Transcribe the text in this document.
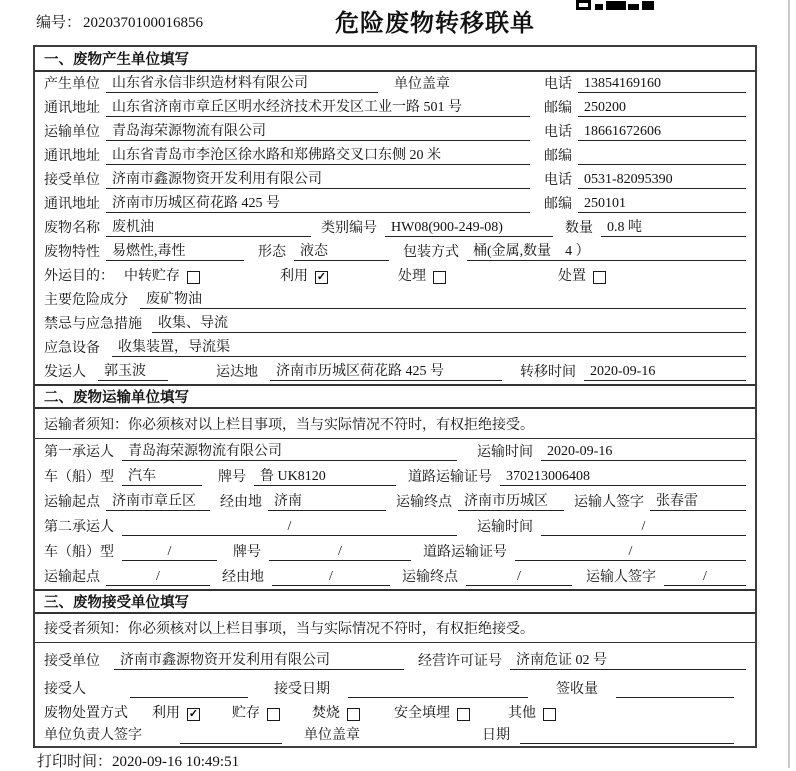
编号： 2020370100016856	危险废物转移联单
一、废物产生单位填写
产生单位 山东省永信非织造材料有限公司	单位盖章	电话 13854169160
通讯地址 山东省济南市章丘区明水经济技术开发区工业一路 501 号	邮编 250200
运输单位 青岛海荣源物流有限公司	电话 18661672606
通讯地址 山东省青岛市李沧区徐水路和郑佛路交叉口东侧 20 米	邮编
接受单位 济南市鑫源物资开发利用有限公司	电话 0531-82095390
通讯地址 济南市历城区荷花路 425 号	邮编 250101
废物名称 废机油	类别编号	HW08(900-249-08)	数量	0.8 吨
废物特性 易燃性,毒性	形态	液态	包装方式	桶(金属,数量　4 ）
外运目的： 中转贮存	利用 ✓	处理	处置
主要危险成分	废矿物油
禁忌与应急措施	收集、导流
应急设备	收集装置，导流渠
发运人	郭玉波	运达地	济南市历城区荷花路 425 号	转移时间	2020-09-16
二、废物运输单位填写
运输者须知：你必须核对以上栏目事项，当与实际情况不符时，有权拒绝接受。
第一承运人	青岛海荣源物流有限公司	运输时间	2020-09-16
车（船）型	汽车	牌号	鲁 UK8120	道路运输证号	370213006408
运输起点 济南市章丘区	经由地 济南	运输终点 济南市历城区	运输人签字 张春雷
第二承运人	/	运输时间	/
车（船）型	/	牌号	/	道路运输证号	/
运输起点	/	经由地	/	运输终点	/	运输人签字	/
三、废物接受单位填写
接受者须知：你必须核对以上栏目事项，当与实际情况不符时，有权拒绝接受。
接受单位	济南市鑫源物资开发利用有限公司	经营许可证号	济南危证 02 号
接受人	接受日期	签收量
废物处置方式 利用 ✓ 贮存	焚烧	安全填埋	其他
单位负责人签字	单位盖章	日期
打印时间：2020-09-16 10:49:51
